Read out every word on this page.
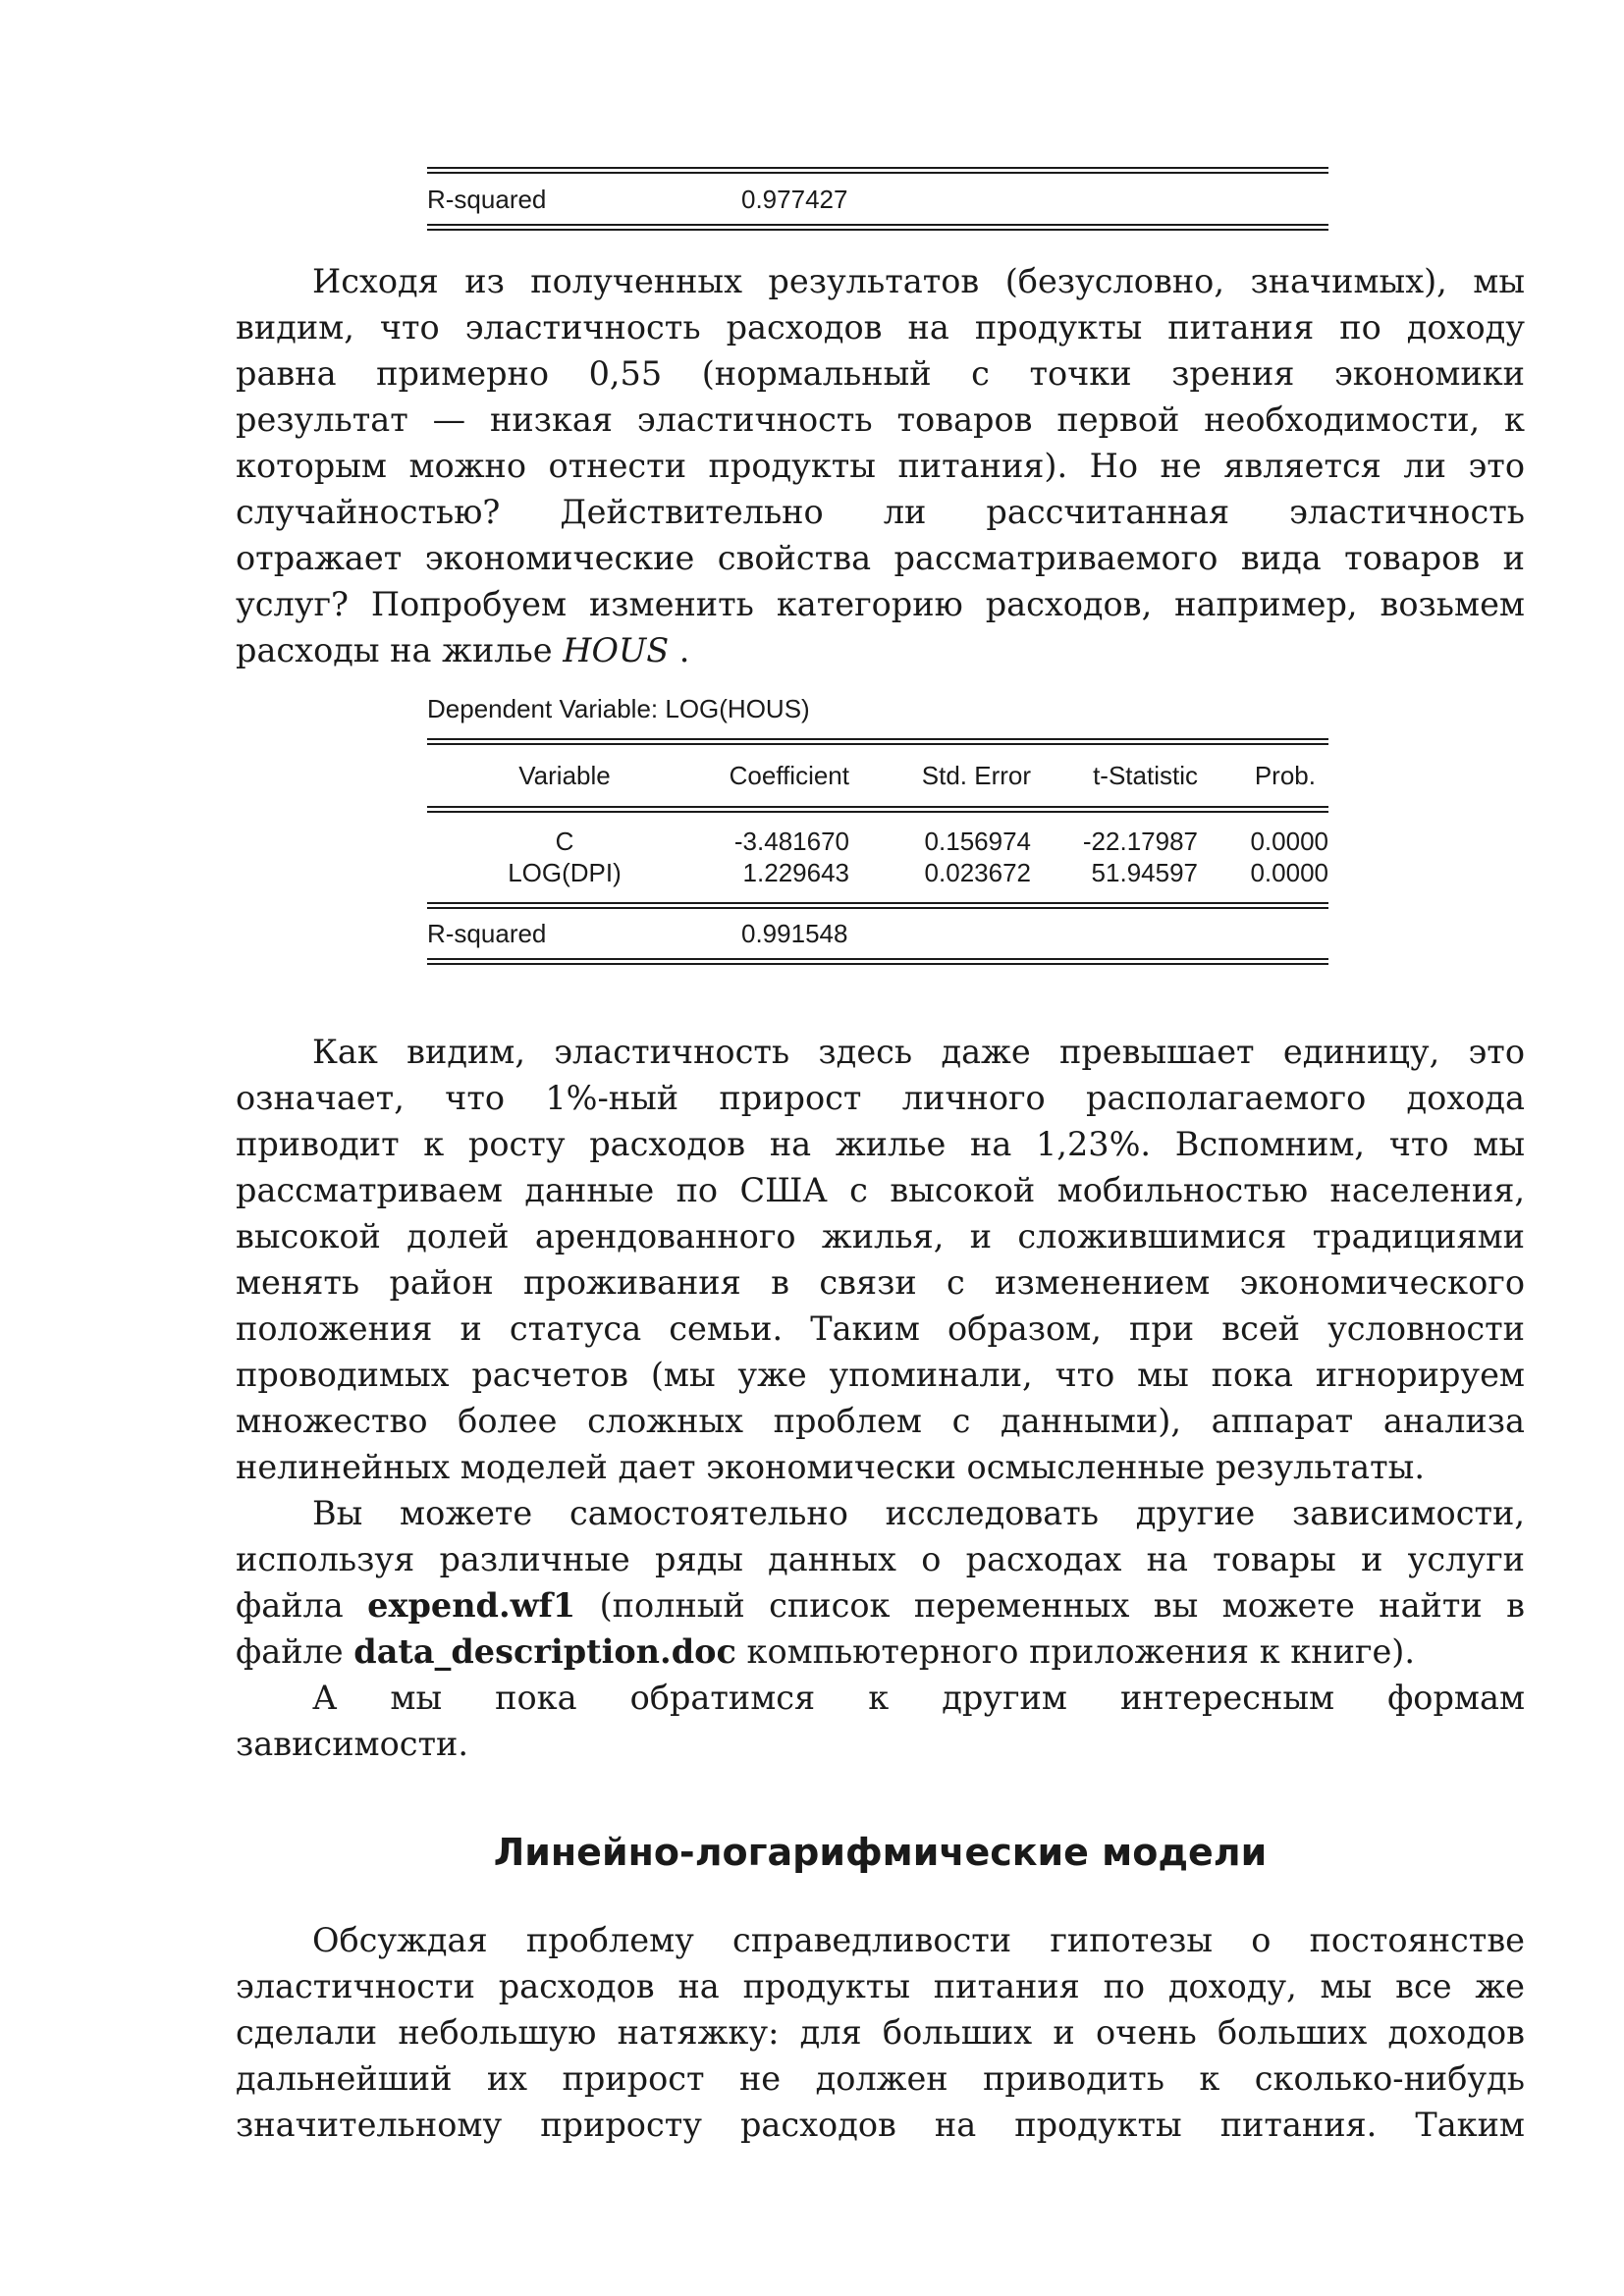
R-squared	0.977427
Исходя из полученных результатов (безусловно, значимых), мы
видим, что эластичность расходов на продукты питания по доходу
равна примерно 0,55 (нормальный с точки зрения экономики
результат — низкая эластичность товаров первой необходимости, к
которым можно отнести продукты питания). Но не является ли это
случайностью? Действительно ли рассчитанная эластичность
отражает экономические свойства рассматриваемого вида товаров и
услуг? Попробуем изменить категорию расходов, например, возьмем
расходы на жилье HOUS .
Dependent Variable: LOG(HOUS)
Variable	Coefficient	Std. Error	t-Statistic	Prob.
C	-3.481670	0.156974	-22.17987	0.0000
LOG(DPI)	1.229643	0.023672	51.94597	0.0000
R-squared	0.991548
Как видим, эластичность здесь даже превышает единицу, это
означает, что 1%-ный прирост личного располагаемого дохода
приводит к росту расходов на жилье на 1,23%. Вспомним, что мы
рассматриваем данные по США с высокой мобильностью населения,
высокой долей арендованного жилья, и сложившимися традициями
менять район проживания в связи с изменением экономического
положения и статуса семьи. Таким образом, при всей условности
проводимых расчетов (мы уже упоминали, что мы пока игнорируем
множество более сложных проблем с данными), аппарат анализа
нелинейных моделей дает экономически осмысленные результаты.
Вы можете самостоятельно исследовать другие зависимости,
используя различные ряды данных о расходах на товары и услуги
файла expend.wf1 (полный список переменных вы можете найти в
файле data_description.doc компьютерного приложения к книге).
А мы пока обратимся к другим интересным формам
зависимости.
Линейно-логарифмические модели
Обсуждая проблему справедливости гипотезы о постоянстве
эластичности расходов на продукты питания по доходу, мы все же
сделали небольшую натяжку: для больших и очень больших доходов
дальнейший их прирост не должен приводить к сколько-нибудь
значительному приросту расходов на продукты питания. Таким
